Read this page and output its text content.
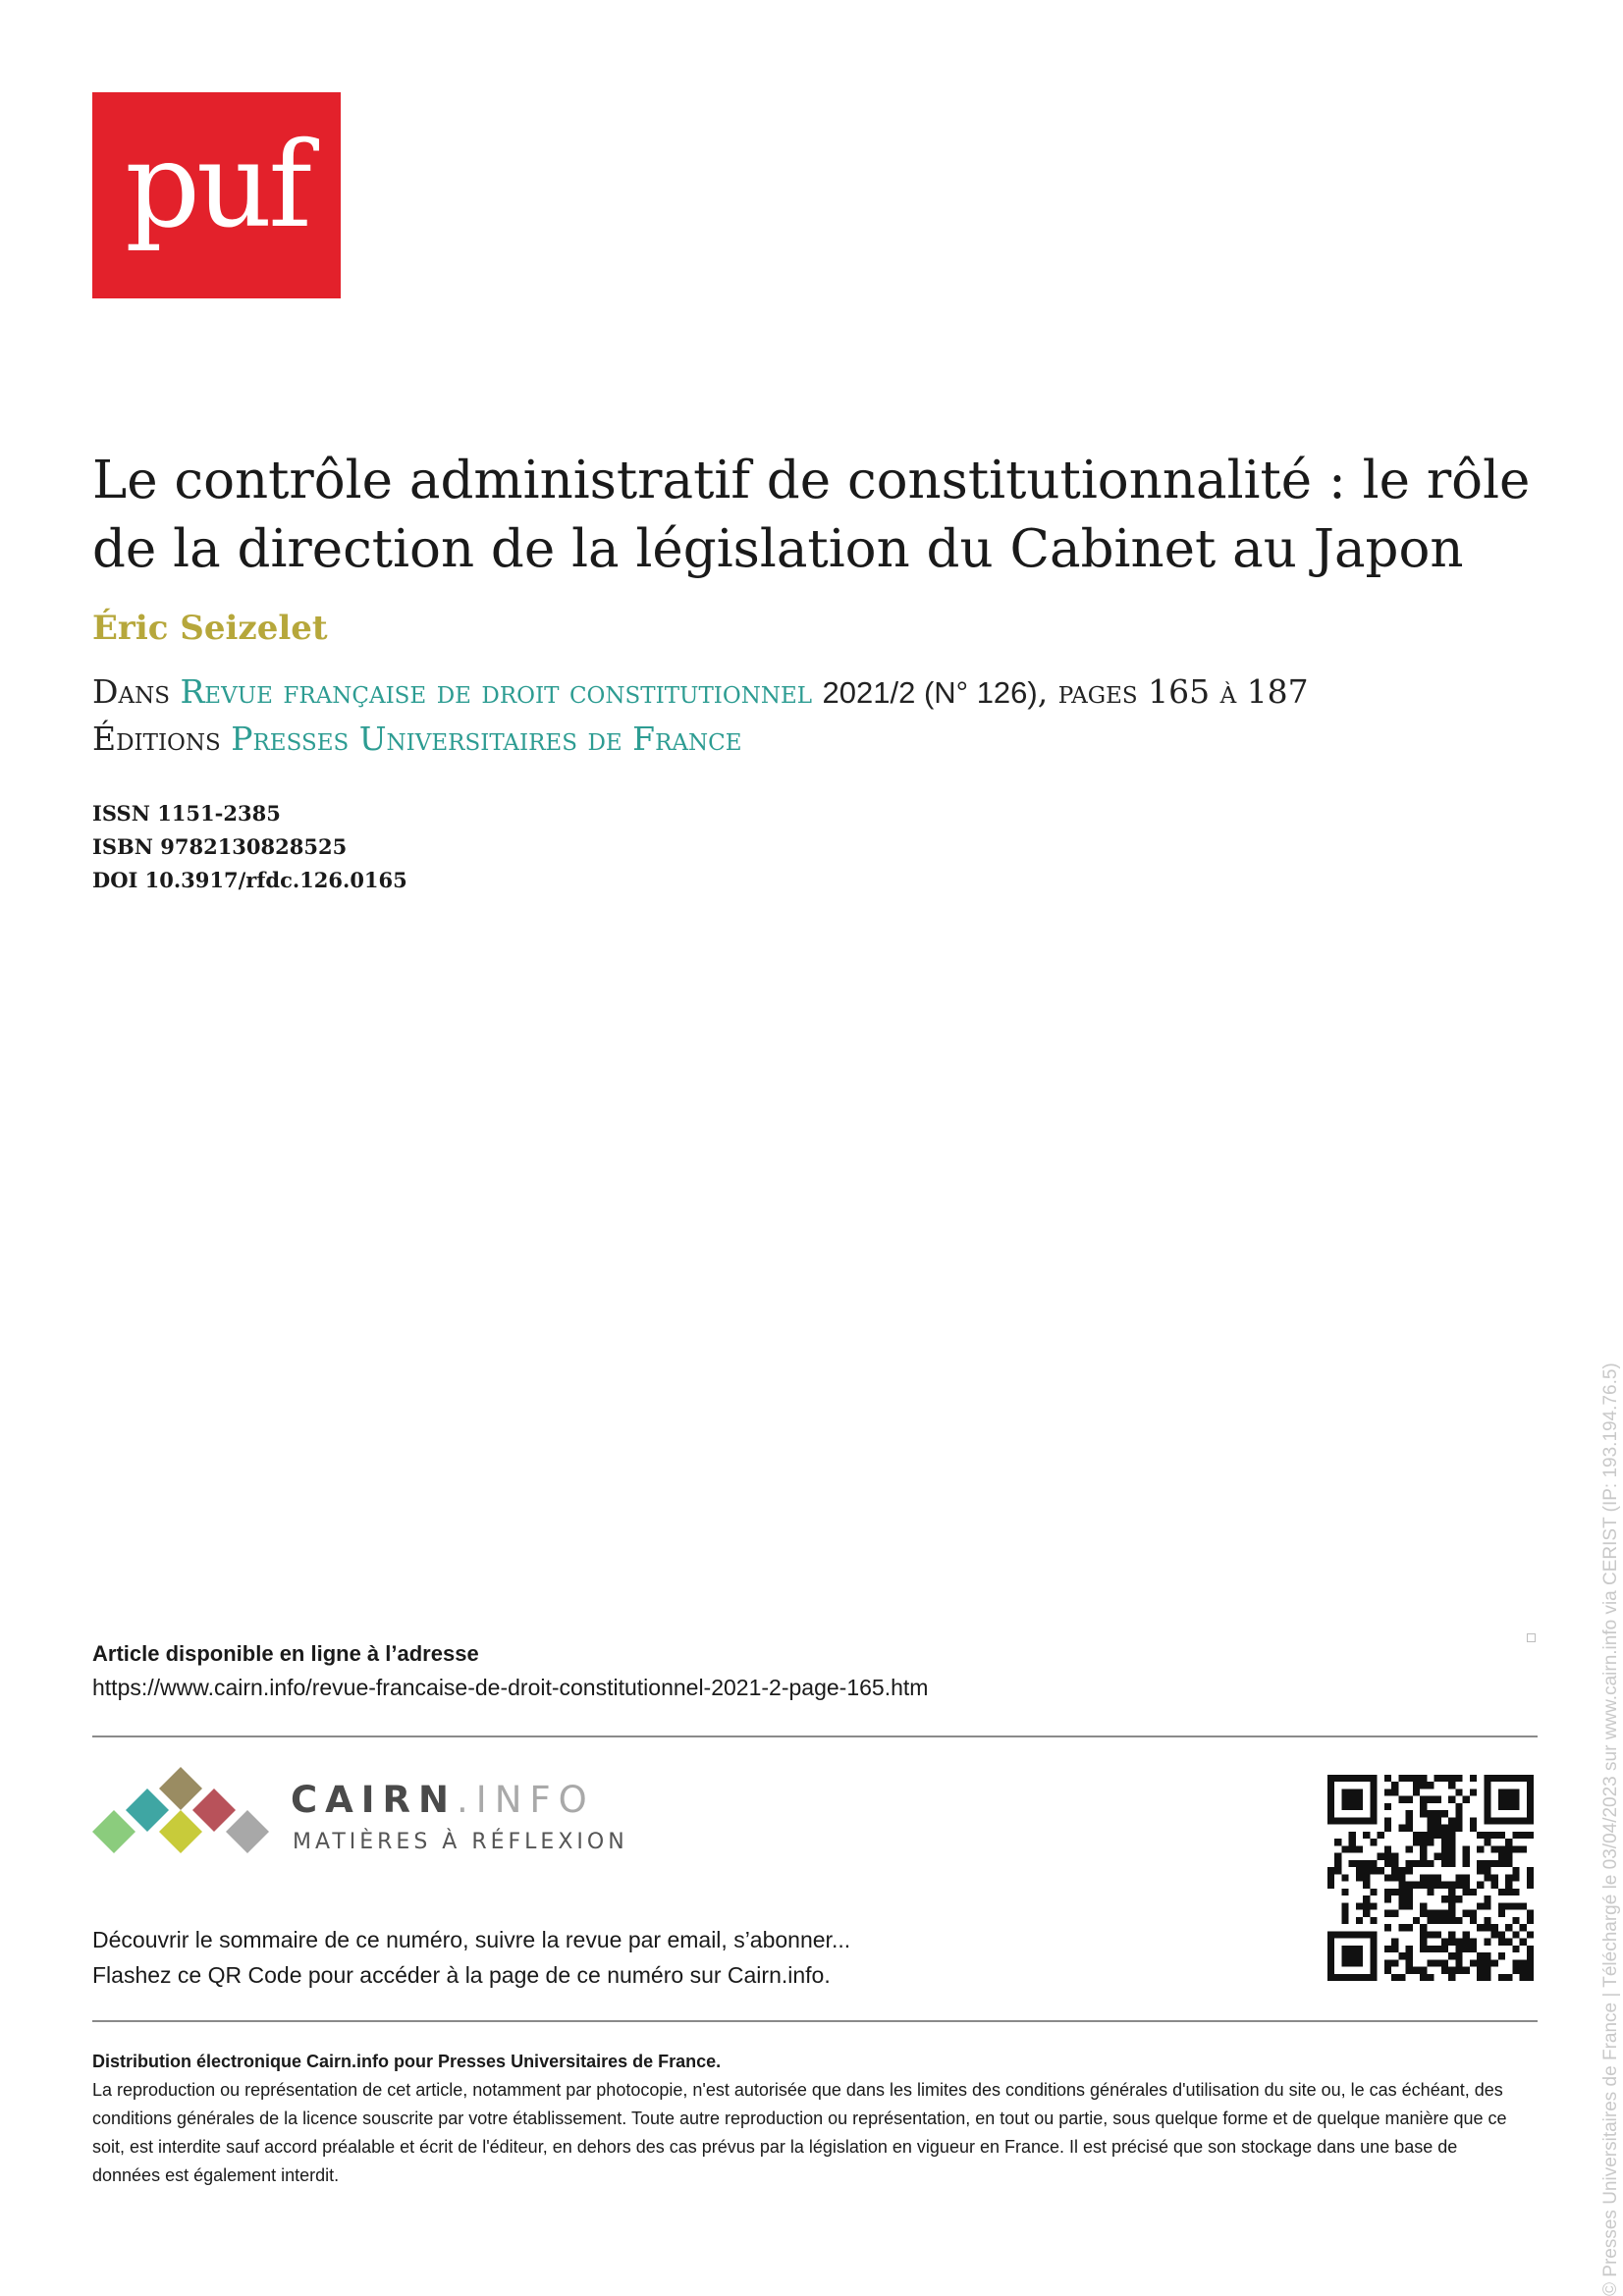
puf
Le contrôle administratif de constitutionnalité : le rôle de la direction de la législation du Cabinet au Japon

Éric Seizelet

Dans Revue française de droit constitutionnel 2021/2 (N° 126), pages 165 à 187

Éditions Presses Universitaires de France

ISSN 1151-2385
ISBN 9782130828525
DOI 10.3917/rfdc.126.0165
Article disponible en ligne à l’adresse
https://www.cairn.info/revue-francaise-de-droit-constitutionnel-2021-2-page-165.htm
CAIRN.INFO
MATIÈRES À RÉFLEXION
Découvrir le sommaire de ce numéro, suivre la revue par email, s’abonner...
Flashez ce QR Code pour accéder à la page de ce numéro sur Cairn.info.
Distribution électronique Cairn.info pour Presses Universitaires de France.
La reproduction ou représentation de cet article, notamment par photocopie, n'est autorisée que dans les limites des conditions générales d'utilisation du site ou, le cas échéant, des conditions générales de la licence souscrite par votre établissement. Toute autre reproduction ou représentation, en tout ou partie, sous quelque forme et de quelque manière que ce soit, est interdite sauf accord préalable et écrit de l'éditeur, en dehors des cas prévus par la législation en vigueur en France. Il est précisé que son stockage dans une base de données est également interdit.	© Presses Universitaires de France | Téléchargé le 03/04/2023 sur www.cairn.info via CERIST (IP: 193.194.76.5)
